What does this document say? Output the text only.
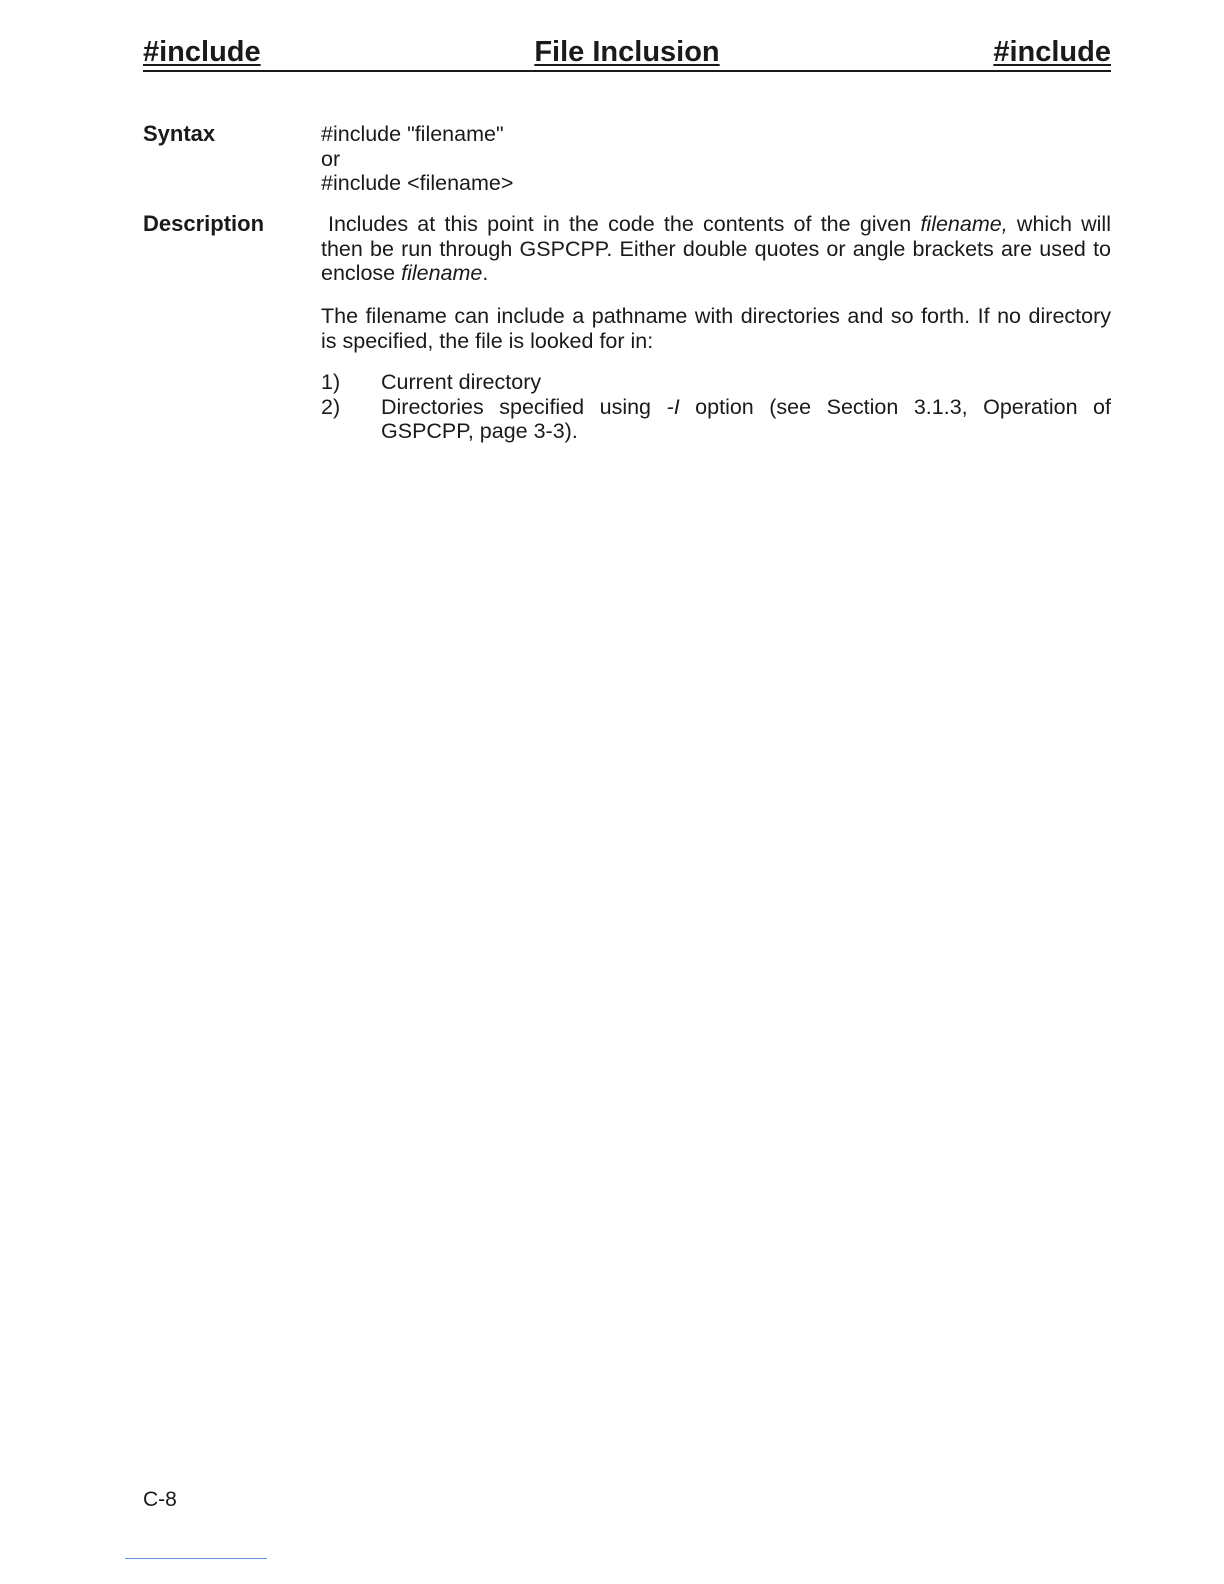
#include	File Inclusion	#include
Syntax	#include "filename"
or
#include <filename>
Description	Includes at this point in the code the contents of the given filename, which will then be run through GSPCPP. Either double quotes or angle brackets are used to enclose filename.

The filename can include a pathname with directories and so forth. If no directory is specified, the file is looked for in:

1) Current directory
2) Directories specified using -I option (see Section 3.1.3, Operation of GSPCPP, page 3-3).
C-8
